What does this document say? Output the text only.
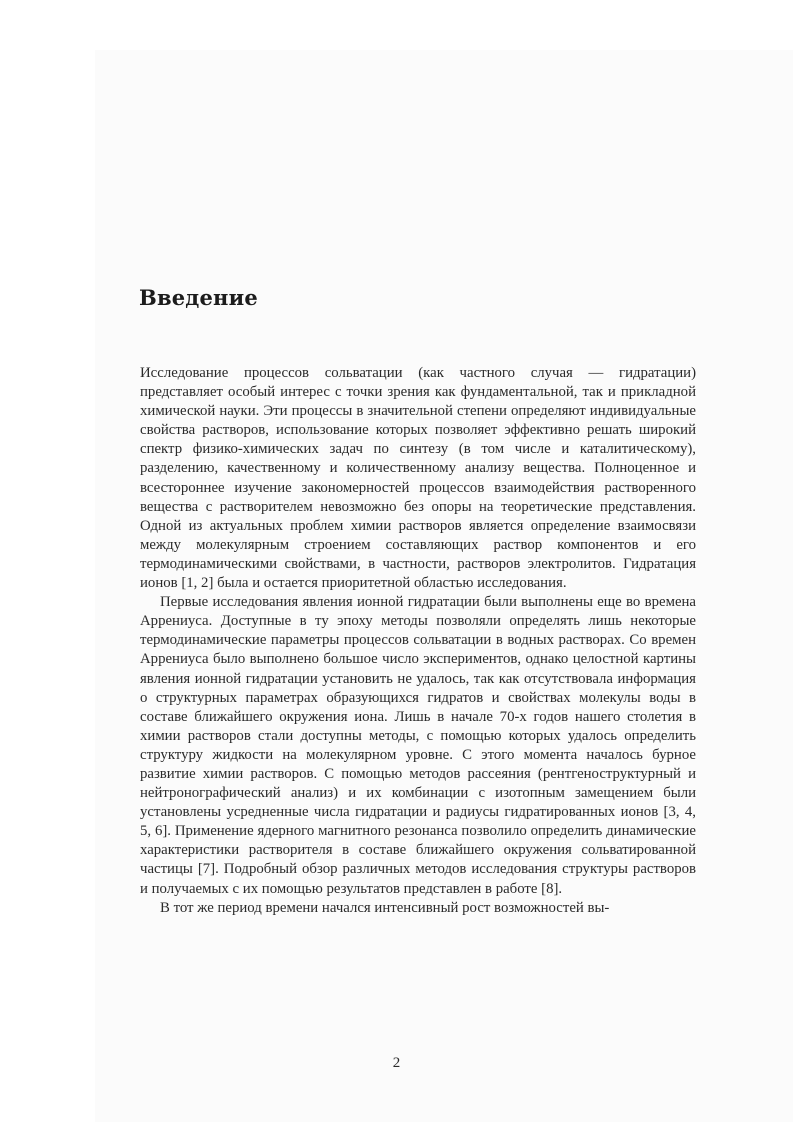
Введение

Исследование процессов сольватации (как частного случая — гидратации) представляет особый интерес с точки зрения как фундаментальной, так и прикладной химической науки. Эти процессы в значительной степени определяют индивидуальные свойства растворов, использование которых позволяет эффективно решать широкий спектр физико-химических задач по синтезу (в том числе и каталитическому), разделению, качественному и количественному анализу вещества. Полноценное и всестороннее изучение закономерностей процессов взаимодействия растворенного вещества с растворителем невозможно без опоры на теоретические представления. Одной из актуальных проблем химии растворов является определение взаимосвязи между молекулярным строением составляющих раствор компонентов и его термодинамическими свойствами, в частности, растворов электролитов. Гидратация ионов [1, 2] была и остается приоритетной областью исследования.

Первые исследования явления ионной гидратации были выполнены еще во времена Аррениуса. Доступные в ту эпоху методы позволяли определять лишь некоторые термодинамические параметры процессов сольватации в водных растворах. Со времен Аррениуса было выполнено большое число экспериментов, однако целостной картины явления ионной гидратации установить не удалось, так как отсутствовала информация о структурных параметрах образующихся гидратов и свойствах молекулы воды в составе ближайшего окружения иона. Лишь в начале 70-х годов нашего столетия в химии растворов стали доступны методы, с помощью которых удалось определить структуру жидкости на молекулярном уровне. С этого момента началось бурное развитие химии растворов. С помощью методов рассеяния (рентгеноструктурный и нейтронографический анализ) и их комбинации с изотопным замещением были установлены усредненные числа гидратации и радиусы гидратированных ионов [3, 4, 5, 6]. Применение ядерного магнитного резонанса позволило определить динамические характеристики растворителя в составе ближайшего окружения сольватированной частицы [7]. Подробный обзор различных методов исследования структуры растворов и получаемых с их помощью результатов представлен в работе [8].

В тот же период времени начался интенсивный рост возможностей вы-

2
